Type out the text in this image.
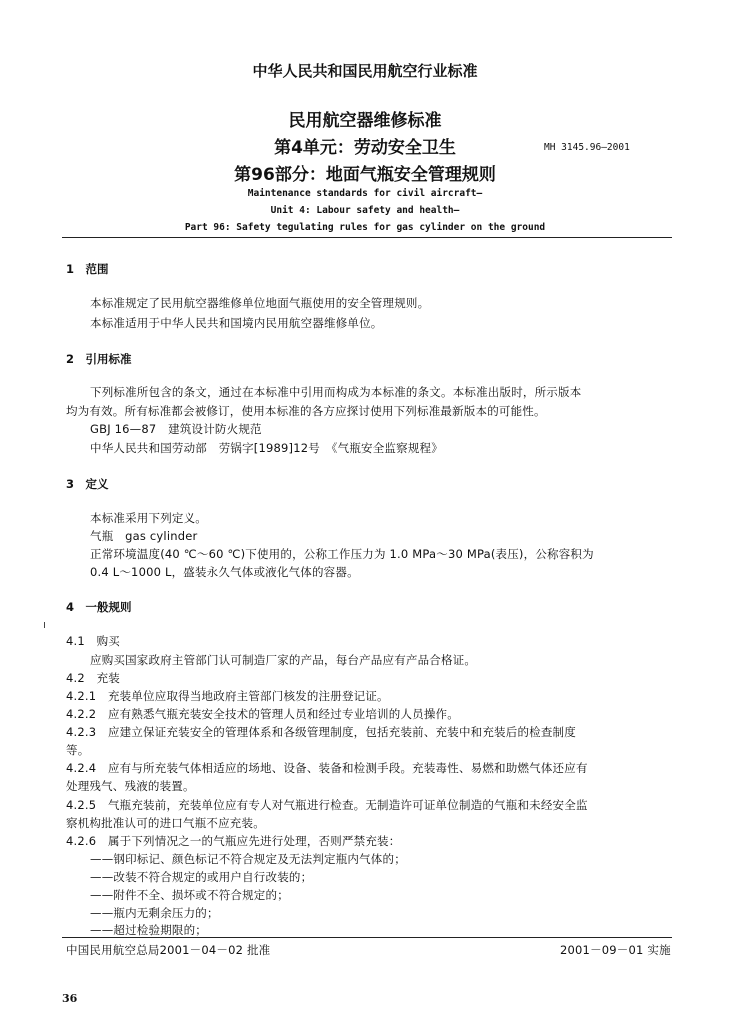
中华人民共和国民用航空行业标准
民用航空器维修标准
第4单元：劳动安全卫生	MH 3145.96—2001
第96部分：地面气瓶安全管理规则
Maintenance standards for civil aircraft—
Unit 4: Labour safety and health—
Part 96: Safety tegulating rules for gas cylinder on the ground
1　范围
本标准规定了民用航空器维修单位地面气瓶使用的安全管理规则。
本标准适用于中华人民共和国境内民用航空器维修单位。
2　引用标准
下列标准所包含的条文，通过在本标准中引用而构成为本标准的条文。本标准出版时，所示版本
均为有效。所有标准都会被修订，使用本标准的各方应探讨使用下列标准最新版本的可能性。
GBJ 16—87　建筑设计防火规范
中华人民共和国劳动部　劳锅字[1989]12号　《气瓶安全监察规程》
3　定义
本标准采用下列定义。
气瓶　gas cylinder
正常环境温度(40 ℃～60 ℃)下使用的，公称工作压力为 1.0 MPa～30 MPa(表压)，公称容积为
0.4 L～1000 L，盛装永久气体或液化气体的容器。
4　一般规则
4.1　购买
应购买国家政府主管部门认可制造厂家的产品，每台产品应有产品合格证。
4.2　充装
4.2.1　充装单位应取得当地政府主管部门核发的注册登记证。
4.2.2　应有熟悉气瓶充装安全技术的管理人员和经过专业培训的人员操作。
4.2.3　应建立保证充装安全的管理体系和各级管理制度，包括充装前、充装中和充装后的检查制度
等。
4.2.4　应有与所充装气体相适应的场地、设备、装备和检测手段。充装毒性、易燃和助燃气体还应有
处理残气、残液的装置。
4.2.5　气瓶充装前，充装单位应有专人对气瓶进行检查。无制造许可证单位制造的气瓶和未经安全监
察机构批准认可的进口气瓶不应充装。
4.2.6　属于下列情况之一的气瓶应先进行处理，否则严禁充装：
——钢印标记、颜色标记不符合规定及无法判定瓶内气体的；
——改装不符合规定的或用户自行改装的；
——附件不全、损坏或不符合规定的；
——瓶内无剩余压力的；
——超过检验期限的；
中国民用航空总局2001－04－02 批准	2001－09－01 实施
36
